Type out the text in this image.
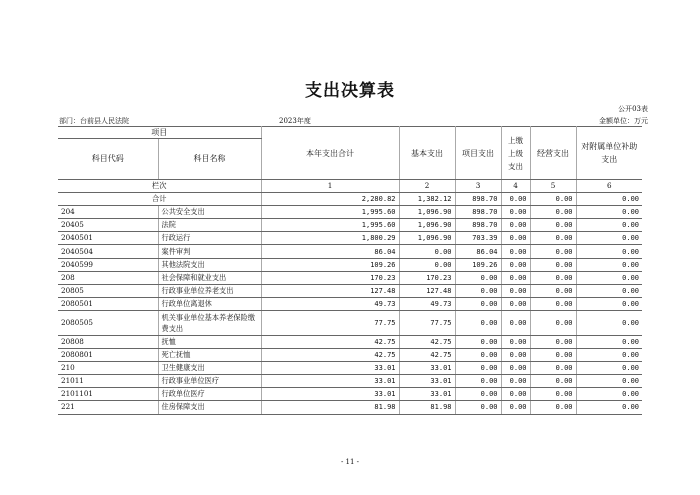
支出决算表
公开03表
部门：台前县人民法院	2023年度	金额单位：万元
项目		本年支出合计	基本支出	项目支出	上缴上级支出	经营支出	对附属单位补助支出
科目代码	科目名称						
栏次		1	2	3	4	5	6
合计		2,280.82	1,382.12	898.70	0.00	0.00	0.00
204	公共安全支出	1,995.60	1,096.90	898.70	0.00	0.00	0.00
20405	法院	1,995.60	1,096.90	898.70	0.00	0.00	0.00
2040501	行政运行	1,800.29	1,096.90	703.39	0.00	0.00	0.00
2040504	案件审判	86.04	0.00	86.04	0.00	0.00	0.00
2040599	其他法院支出	109.26	0.00	109.26	0.00	0.00	0.00
208	社会保障和就业支出	170.23	170.23	0.00	0.00	0.00	0.00
20805	行政事业单位养老支出	127.48	127.48	0.00	0.00	0.00	0.00
2080501	行政单位离退休	49.73	49.73	0.00	0.00	0.00	0.00
2080505	机关事业单位基本养老保险缴费支出	77.75	77.75	0.00	0.00	0.00	0.00
20808	抚恤	42.75	42.75	0.00	0.00	0.00	0.00
2080801	死亡抚恤	42.75	42.75	0.00	0.00	0.00	0.00
210	卫生健康支出	33.01	33.01	0.00	0.00	0.00	0.00
21011	行政事业单位医疗	33.01	33.01	0.00	0.00	0.00	0.00
2101101	行政单位医疗	33.01	33.01	0.00	0.00	0.00	0.00
221	住房保障支出	81.98	81.98	0.00	0.00	0.00	0.00
- 11 -
